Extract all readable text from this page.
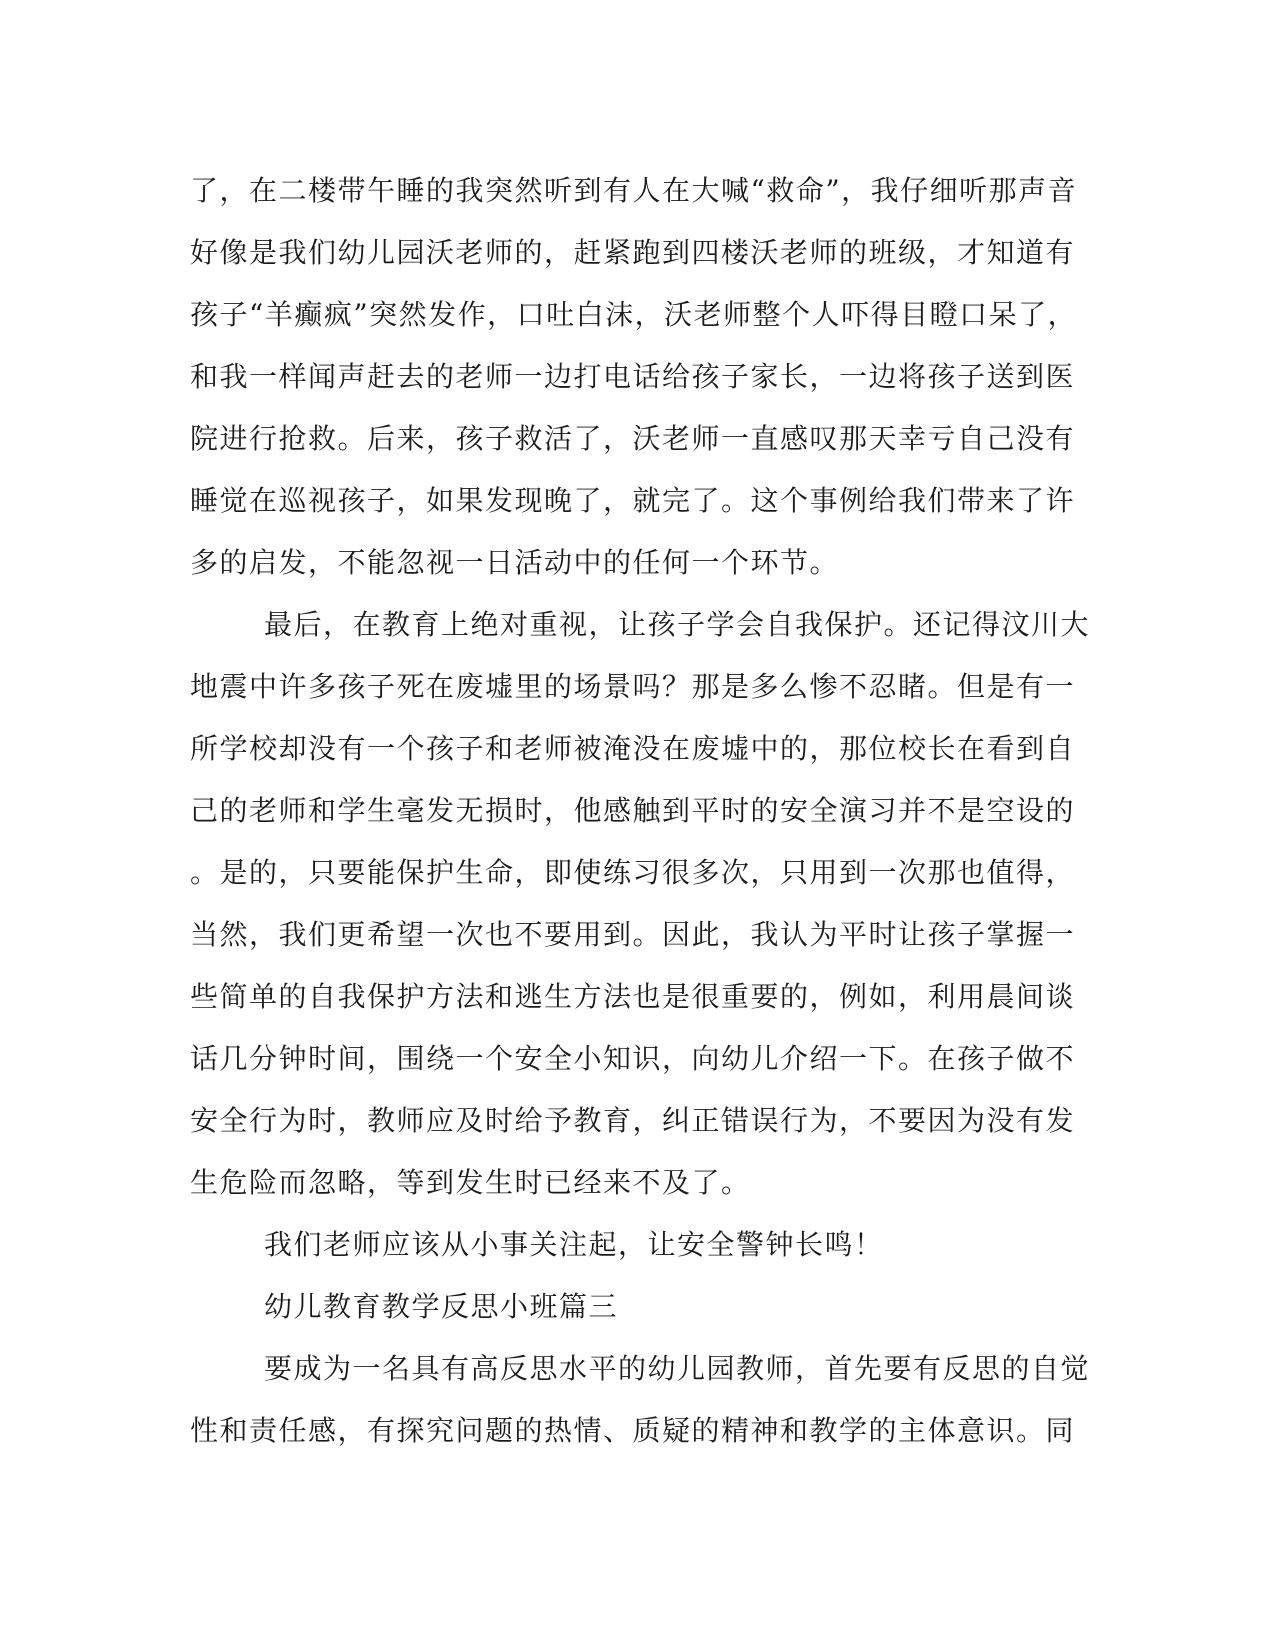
了，在二楼带午睡的我突然听到有人在大喊“救命”，我仔细听那声音
好像是我们幼儿园沃老师的，赶紧跑到四楼沃老师的班级，才知道有
孩子“羊癫疯”突然发作，口吐白沫，沃老师整个人吓得目瞪口呆了，
和我一样闻声赶去的老师一边打电话给孩子家长，一边将孩子送到医
院进行抢救。后来，孩子救活了，沃老师一直感叹那天幸亏自己没有
睡觉在巡视孩子，如果发现晚了，就完了。这个事例给我们带来了许
多的启发，不能忽视一日活动中的任何一个环节。
最后，在教育上绝对重视，让孩子学会自我保护。还记得汶川大
地震中许多孩子死在废墟里的场景吗？那是多么惨不忍睹。但是有一
所学校却没有一个孩子和老师被淹没在废墟中的，那位校长在看到自
己的老师和学生毫发无损时，他感触到平时的安全演习并不是空设的
。是的，只要能保护生命，即使练习很多次，只用到一次那也值得，
当然，我们更希望一次也不要用到。因此，我认为平时让孩子掌握一
些简单的自我保护方法和逃生方法也是很重要的，例如，利用晨间谈
话几分钟时间，围绕一个安全小知识，向幼儿介绍一下。在孩子做不
安全行为时，教师应及时给予教育，纠正错误行为，不要因为没有发
生危险而忽略，等到发生时已经来不及了。
我们老师应该从小事关注起，让安全警钟长鸣！
幼儿教育教学反思小班篇三
要成为一名具有高反思水平的幼儿园教师，首先要有反思的自觉
性和责任感，有探究问题的热情、质疑的精神和教学的主体意识。同
